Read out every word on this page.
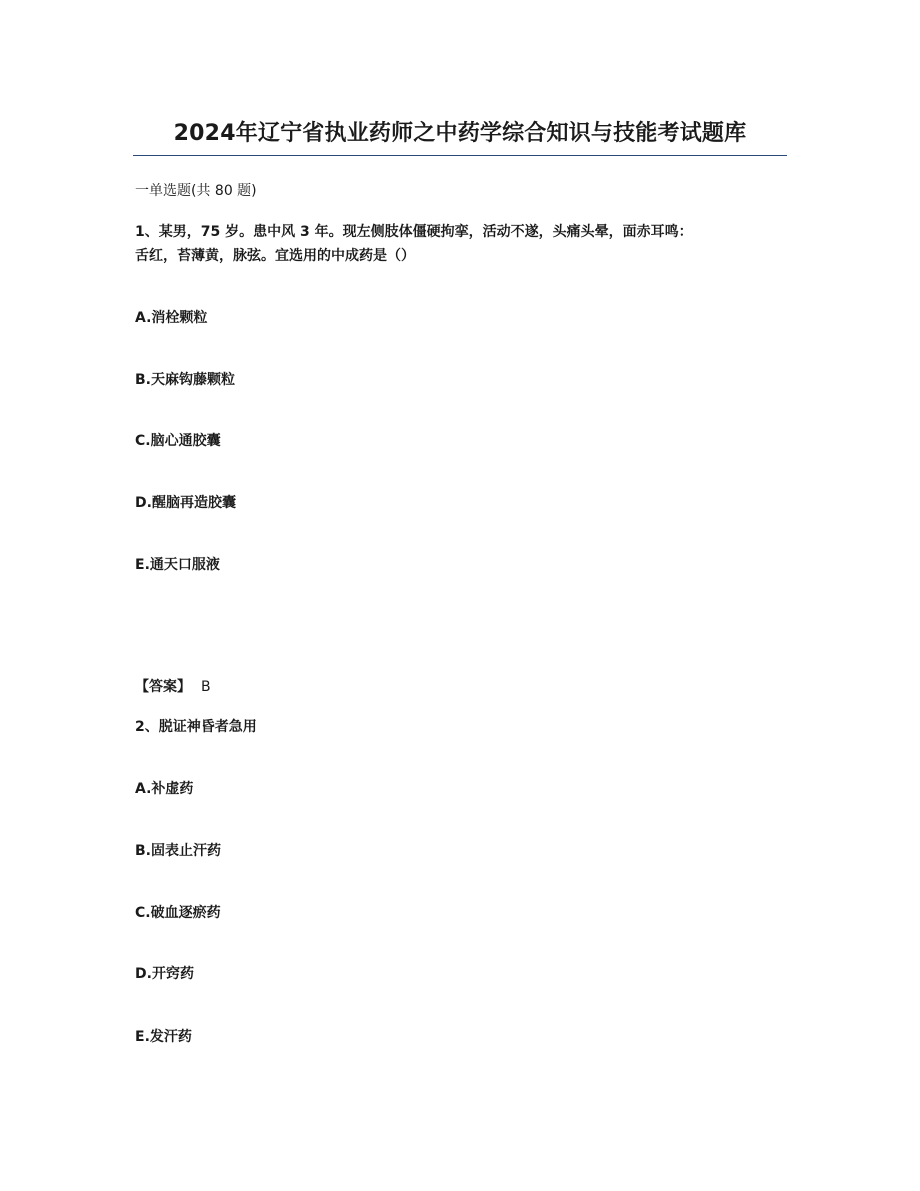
2024年辽宁省执业药师之中药学综合知识与技能考试题库
一单选题(共 80 题)
1、某男，75 岁。患中风 3 年。现左侧肢体僵硬拘挛，活动不遂，头痛头晕，面赤耳鸣：
舌红，苔薄黄，脉弦。宜选用的中成药是（）
A.消栓颗粒
B.天麻钩藤颗粒
C.脑心通胶囊
D.醒脑再造胶囊
E.通天口服液
【答案】 B
2、脱证神昏者急用
A.补虚药
B.固表止汗药
C.破血逐瘀药
D.开窍药
E.发汗药
